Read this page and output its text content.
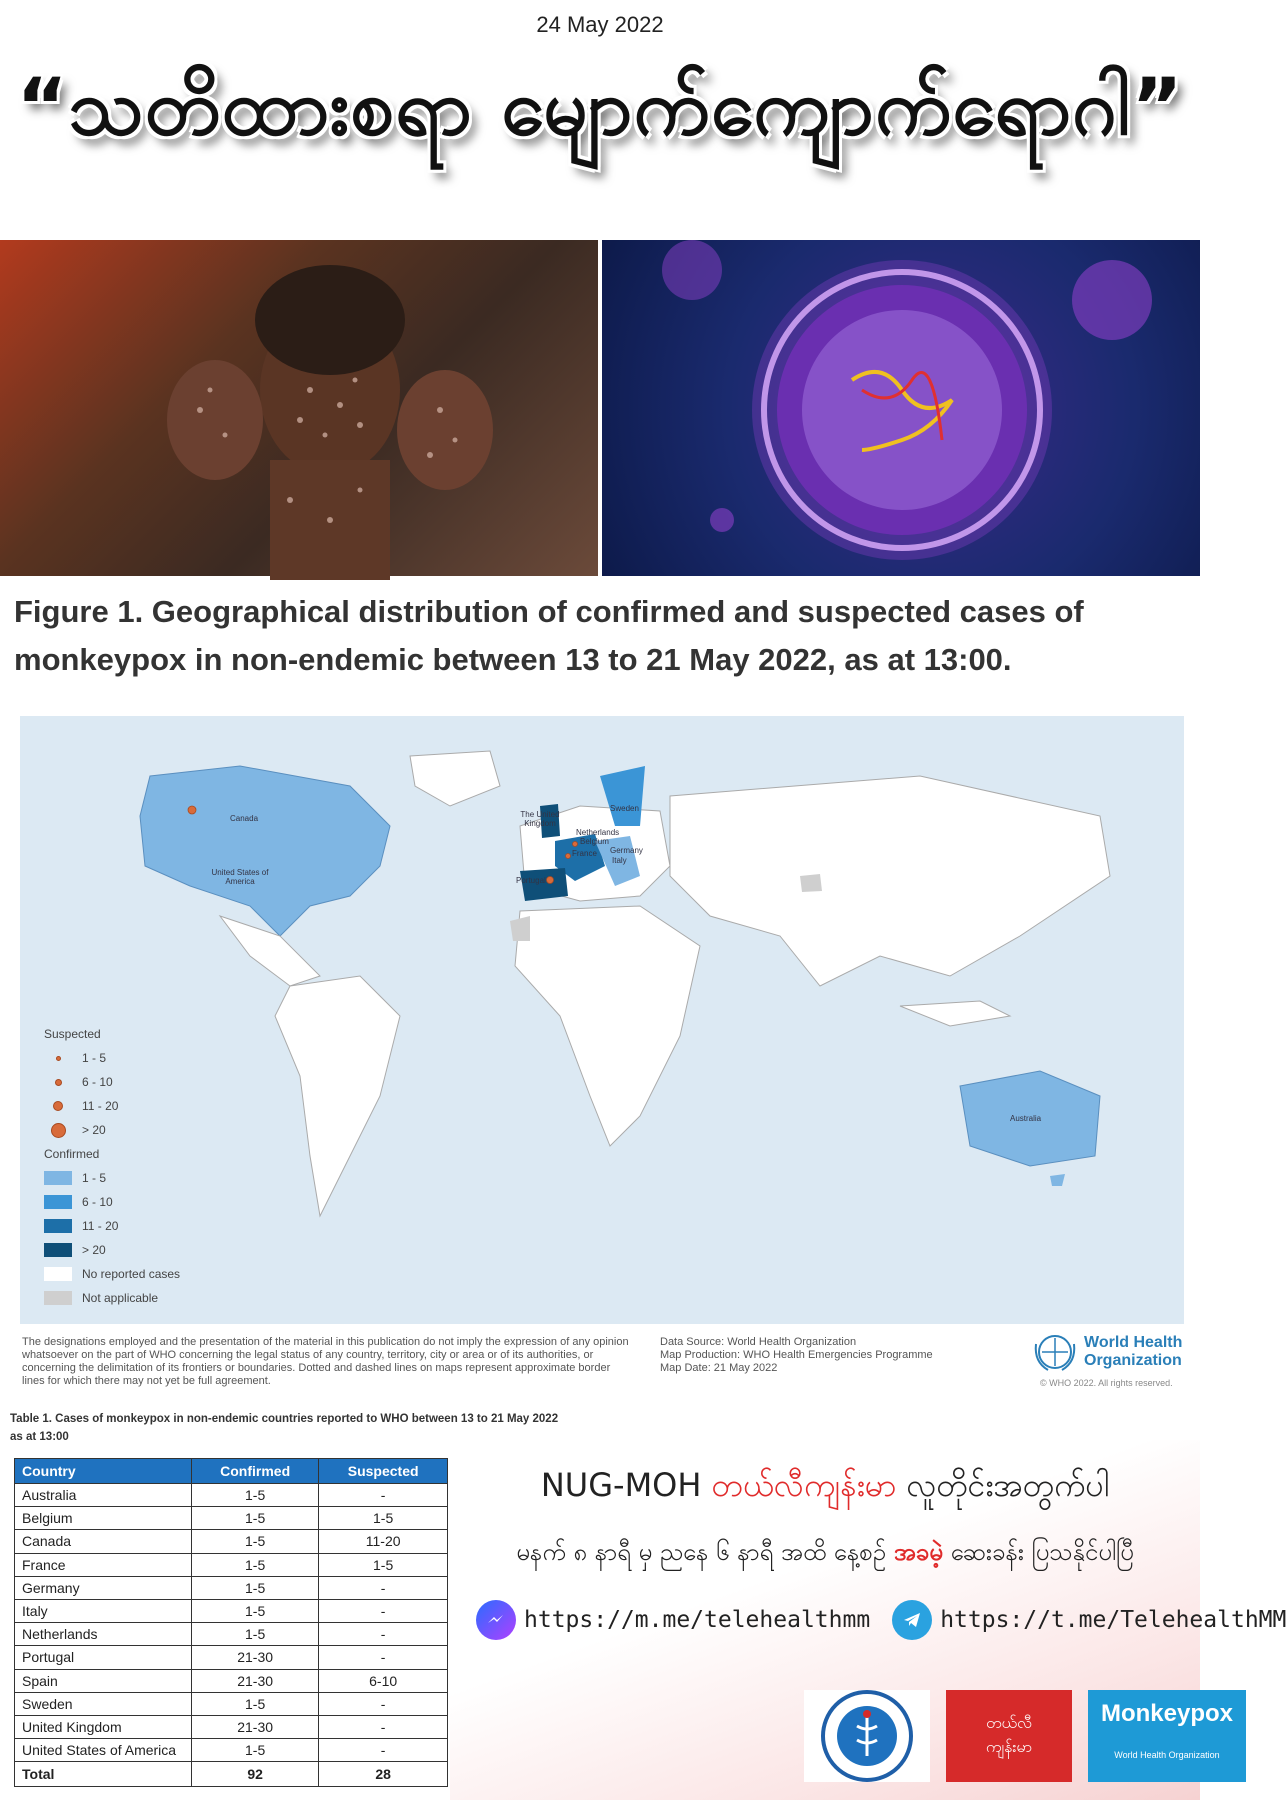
24 May 2022
“သတိထားစရာ မျောက်ကျောက်ရောဂါ”
Figure 1. Geographical distribution of confirmed and suspected cases of monkeypox in non-endemic between 13 to 21 May 2022, as at 13:00.
Canada
United States of America
The United Kingdom
Sweden
Netherlands
Belgium
France Germany
Italy
Portugal
Australia
Suspected
1 - 5
6 - 10
11 - 20
> 20
Confirmed
1 - 5
6 - 10
11 - 20
> 20
No reported cases
Not applicable
The designations employed and the presentation of the material in this publication do not imply the expression of any opinion whatsoever on the part of WHO concerning the legal status of any country, territory, city or area or of its authorities, or concerning the delimitation of its frontiers or boundaries. Dotted and dashed lines on maps represent approximate border lines for which there may not yet be full agreement.
Data Source: World Health Organization
Map Production: WHO Health Emergencies Programme
Map Date: 21 May 2022
World Health
Organization
© WHO 2022. All rights reserved.
Table 1. Cases of monkeypox in non-endemic countries reported to WHO between 13 to 21 May 2022 as at 13:00
Country	Confirmed	Suspected
Australia	1-5	-
Belgium	1-5	1-5
Canada	1-5	11-20
France	1-5	1-5
Germany	1-5	-
Italy	1-5	-
Netherlands	1-5	-
Portugal	21-30	-
Spain	21-30	6-10
Sweden	1-5	-
United Kingdom	21-30	-
United States of America	1-5	-
Total	92	28
NUG-MOH တယ်လီကျန်းမာ လူတိုင်းအတွက်ပါ
မနက် ၈ နာရီ မှ ညနေ ၆ နာရီ အထိ နေ့စဉ် အခမဲ့ ဆေးခန်း ပြသနိုင်ပါပြီ
https://m.me/telehealthmm	https://t.me/TelehealthMM
တယ်လီ
ကျန်းမာ
Monkeypox
World Health Organization
